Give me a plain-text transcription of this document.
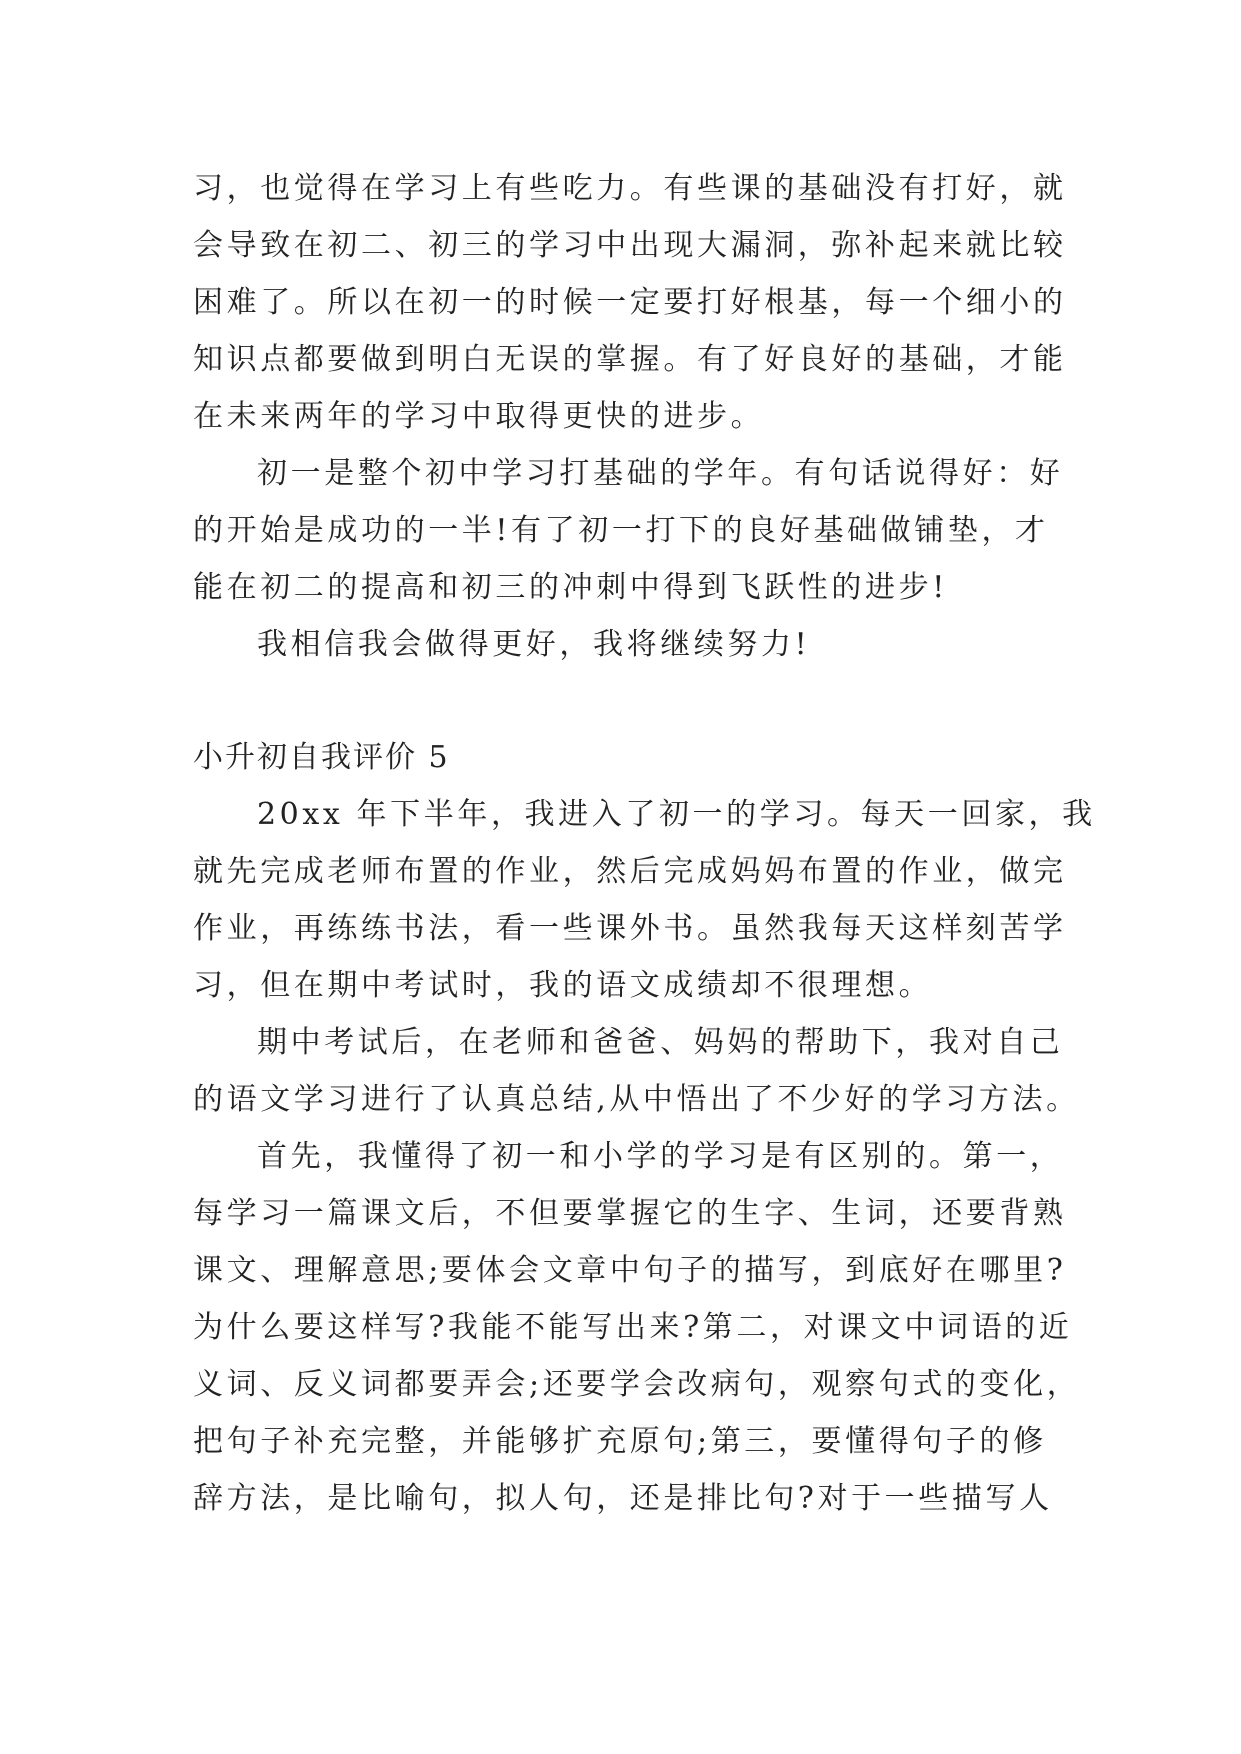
习，也觉得在学习上有些吃力。有些课的基础没有打好，就
会导致在初二、初三的学习中出现大漏洞，弥补起来就比较
困难了。所以在初一的时候一定要打好根基，每一个细小的
知识点都要做到明白无误的掌握。有了好良好的基础，才能
在未来两年的学习中取得更快的进步。
初一是整个初中学习打基础的学年。有句话说得好：好
的开始是成功的一半!有了初一打下的良好基础做铺垫，才
能在初二的提高和初三的冲刺中得到飞跃性的进步!
我相信我会做得更好，我将继续努力!
小升初自我评价 5
20xx 年下半年，我进入了初一的学习。每天一回家，我
就先完成老师布置的作业，然后完成妈妈布置的作业，做完
作业，再练练书法，看一些课外书。虽然我每天这样刻苦学
习，但在期中考试时，我的语文成绩却不很理想。
期中考试后，在老师和爸爸、妈妈的帮助下，我对自己
的语文学习进行了认真总结,从中悟出了不少好的学习方法。
首先，我懂得了初一和小学的学习是有区别的。第一，
每学习一篇课文后，不但要掌握它的生字、生词，还要背熟
课文、理解意思;要体会文章中句子的描写，到底好在哪里?
为什么要这样写?我能不能写出来?第二，对课文中词语的近
义词、反义词都要弄会;还要学会改病句，观察句式的变化，
把句子补充完整，并能够扩充原句;第三，要懂得句子的修
辞方法，是比喻句，拟人句，还是排比句?对于一些描写人
